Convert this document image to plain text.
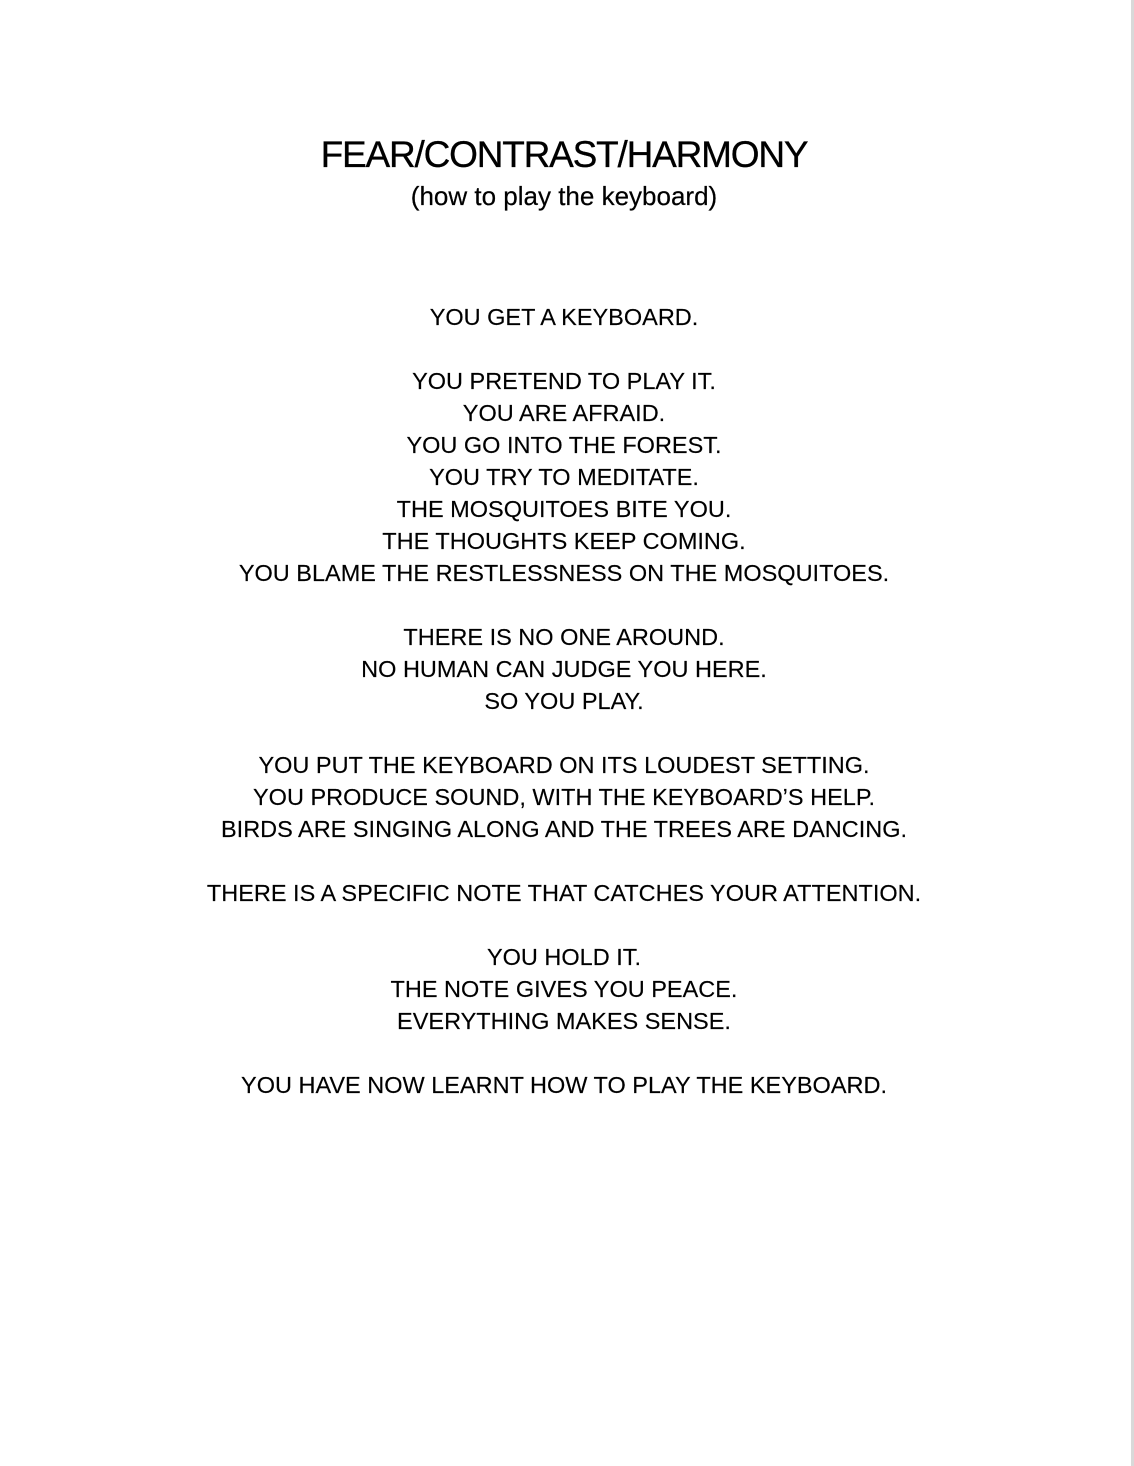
FEAR/CONTRAST/HARMONY
(how to play the keyboard)
YOU GET A KEYBOARD.
YOU PRETEND TO PLAY IT.
YOU ARE AFRAID.
YOU GO INTO THE FOREST.
YOU TRY TO MEDITATE.
THE MOSQUITOES BITE YOU.
THE THOUGHTS KEEP COMING.
YOU BLAME THE RESTLESSNESS ON THE MOSQUITOES.
THERE IS NO ONE AROUND.
NO HUMAN CAN JUDGE YOU HERE.
SO YOU PLAY.
YOU PUT THE KEYBOARD ON ITS LOUDEST SETTING.
YOU PRODUCE SOUND, WITH THE KEYBOARD’S HELP.
BIRDS ARE SINGING ALONG AND THE TREES ARE DANCING.
THERE IS A SPECIFIC NOTE THAT CATCHES YOUR ATTENTION.
YOU HOLD IT.
THE NOTE GIVES YOU PEACE.
EVERYTHING MAKES SENSE.
YOU HAVE NOW LEARNT HOW TO PLAY THE KEYBOARD.
